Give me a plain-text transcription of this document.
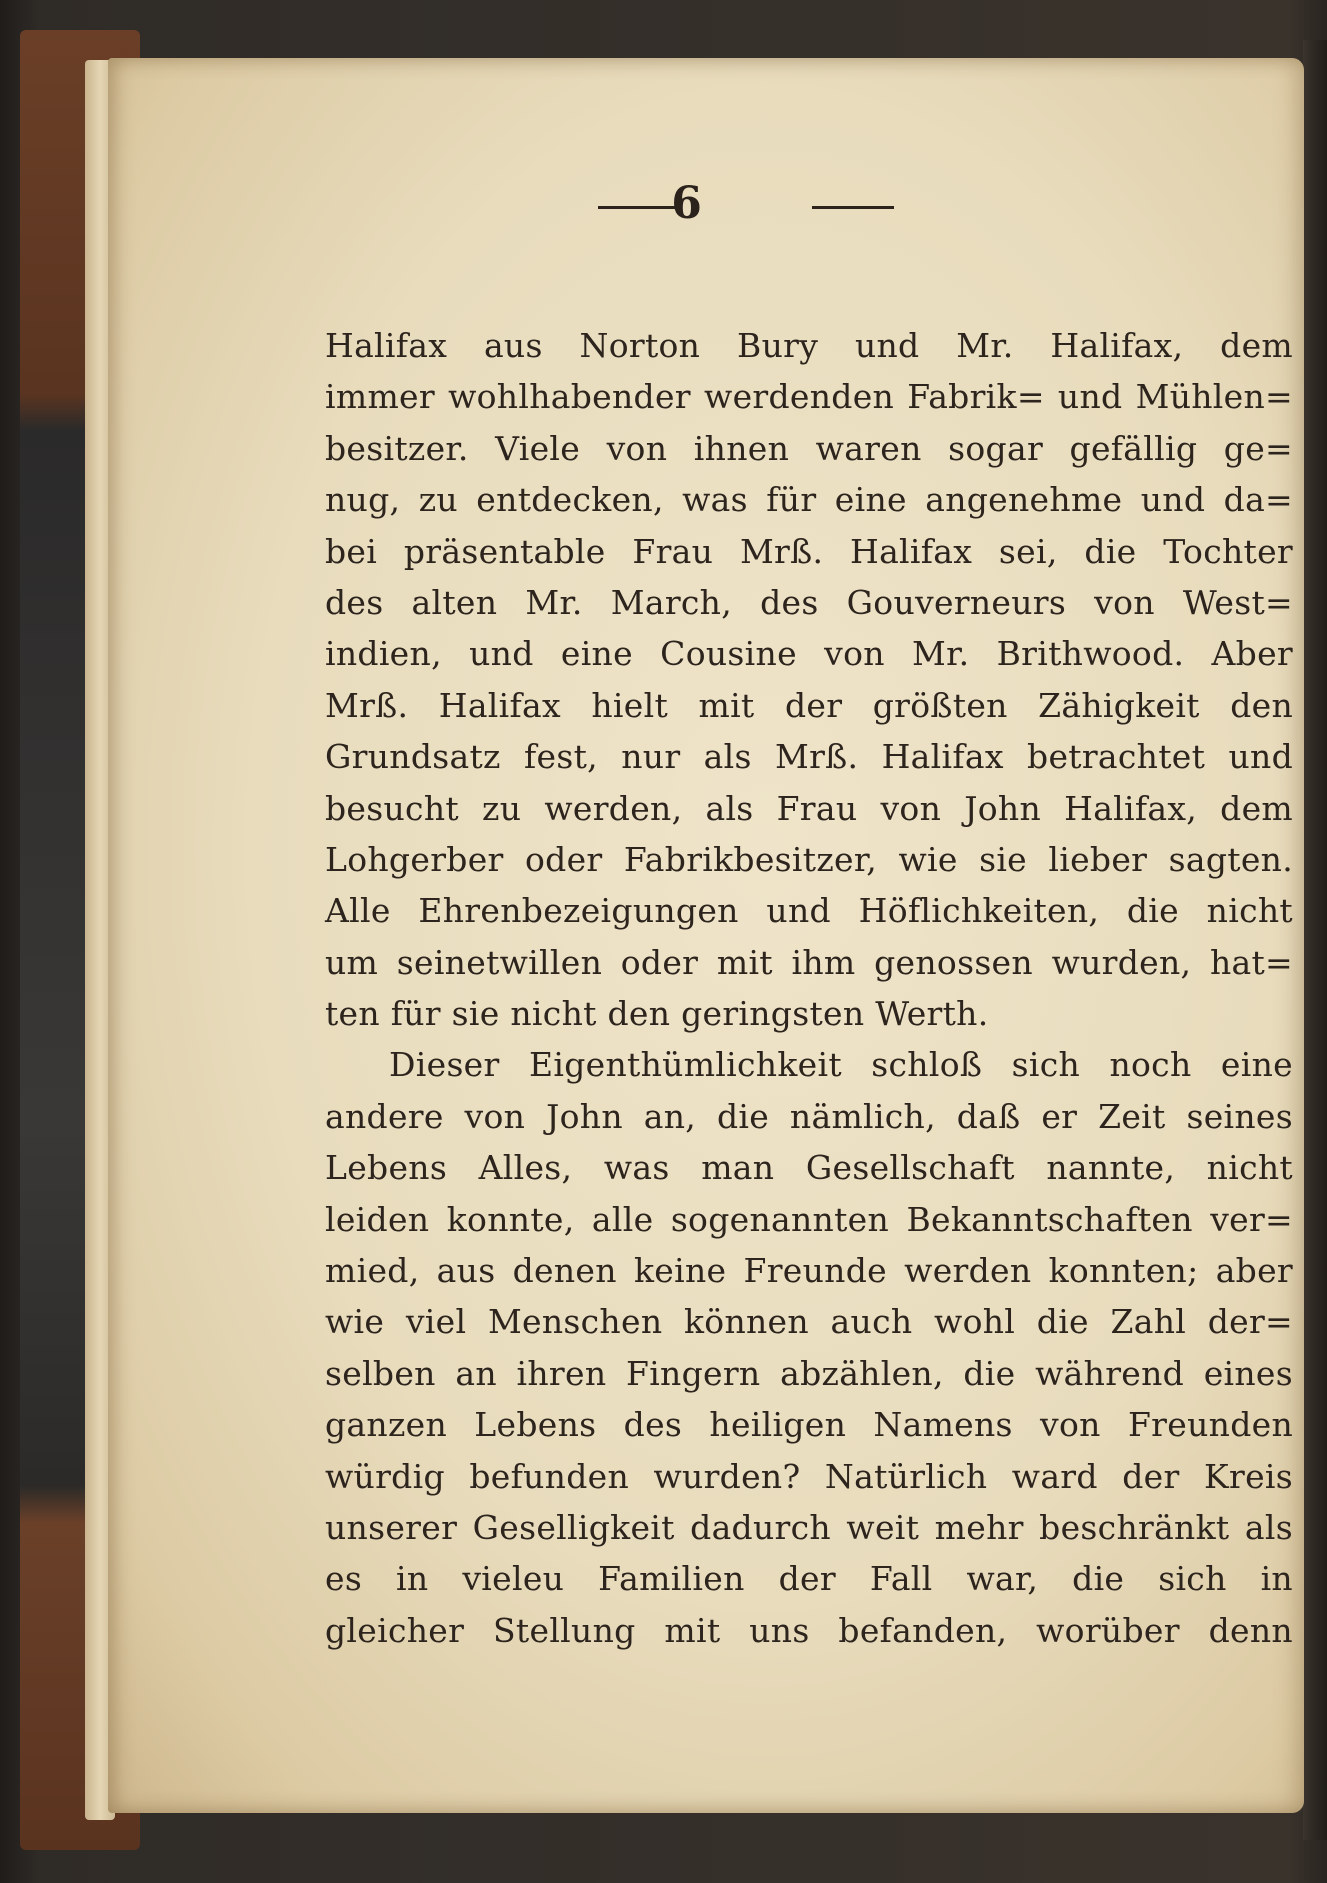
6
Halifax aus Norton Bury und Mr. Halifax, dem
immer wohlhabender werdenden Fabrik= und Mühlen=
besitzer. Viele von ihnen waren sogar gefällig ge=
nug, zu entdecken, was für eine angenehme und da=
bei präsentable Frau Mrß. Halifax sei, die Tochter
des alten Mr. March, des Gouverneurs von West=
indien, und eine Cousine von Mr. Brithwood. Aber
Mrß. Halifax hielt mit der größten Zähigkeit den
Grundsatz fest, nur als Mrß. Halifax betrachtet und
besucht zu werden, als Frau von John Halifax, dem
Lohgerber oder Fabrikbesitzer, wie sie lieber sagten.
Alle Ehrenbezeigungen und Höflichkeiten, die nicht
um seinetwillen oder mit ihm genossen wurden, hat=
ten für sie nicht den geringsten Werth.
Dieser Eigenthümlichkeit schloß sich noch eine
andere von John an, die nämlich, daß er Zeit seines
Lebens Alles, was man Gesellschaft nannte, nicht
leiden konnte, alle sogenannten Bekanntschaften ver=
mied, aus denen keine Freunde werden konnten; aber
wie viel Menschen können auch wohl die Zahl der=
selben an ihren Fingern abzählen, die während eines
ganzen Lebens des heiligen Namens von Freunden
würdig befunden wurden? Natürlich ward der Kreis
unserer Geselligkeit dadurch weit mehr beschränkt als
es in vieleu Familien der Fall war, die sich in
gleicher Stellung mit uns befanden, worüber denn
